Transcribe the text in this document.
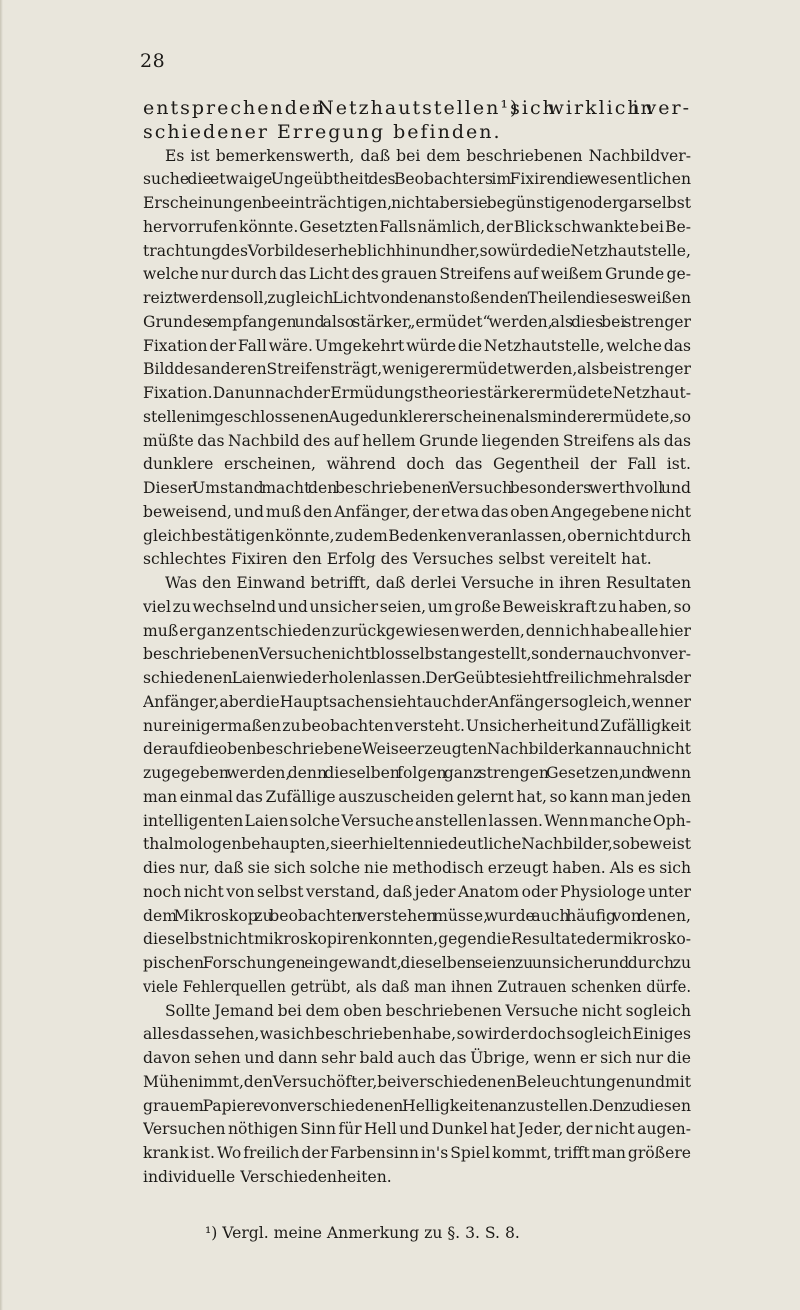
28
entsprechenden Netzhautstellen¹) sich wirklich in ver-
schiedener Erregung befinden.
Es ist bemerkenswerth, daß bei dem beschriebenen Nachbildver-
suche die etwaige Ungeübtheit des Beobachters im Fixiren die wesentlichen
Erscheinungen beeinträchtigen, nicht aber sie begünstigen oder gar selbst
hervorrufen könnte. Gesetzten Falls nämlich, der Blick schwankte bei Be-
trachtung des Vorbildes erheblich hin und her, so würde die Netzhautstelle,
welche nur durch das Licht des grauen Streifens auf weißem Grunde ge-
reizt werden soll, zugleich Licht von den anstoßenden Theilen dieses weißen
Grundes empfangen und also stärker „ermüdet“ werden, als dies bei strenger
Fixation der Fall wäre. Umgekehrt würde die Netzhautstelle, welche das
Bild des anderen Streifens trägt, weniger ermüdet werden, als bei strenger
Fixation. Da nun nach der Ermüdungstheorie stärker ermüdete Netzhaut-
stellen im geschlossenen Auge dunkler erscheinen als minder ermüdete, so
müßte das Nachbild des auf hellem Grunde liegenden Streifens als das
dunklere erscheinen, während doch das Gegentheil der Fall ist.
Dieser Umstand macht den beschriebenen Versuch besonders werthvoll und
beweisend, und muß den Anfänger, der etwa das oben Angegebene nicht
gleich bestätigen könnte, zu dem Bedenken veranlassen, ob er nicht durch
schlechtes Fixiren den Erfolg des Versuches selbst vereitelt hat.
Was den Einwand betrifft, daß derlei Versuche in ihren Resultaten
viel zu wechselnd und unsicher seien, um große Beweiskraft zu haben, so
muß er ganz entschieden zurückgewiesen werden, denn ich habe alle hier
beschriebenen Versuche nicht blos selbst angestellt, sondern auch von ver-
schiedenen Laien wiederholen lassen. Der Geübte sieht freilich mehr als der
Anfänger, aber die Hauptsachen sieht auch der Anfänger sogleich, wenn er
nur einigermaßen zu beobachten versteht. Unsicherheit und Zufälligkeit
der auf die oben beschriebene Weise erzeugten Nachbilder kann auch nicht
zugegeben werden, denn dieselben folgen ganz strengen Gesetzen, und wenn
man einmal das Zufällige auszuscheiden gelernt hat, so kann man jeden
intelligenten Laien solche Versuche anstellen lassen. Wenn manche Oph-
thalmologen behaupten, sie erhielten nie deutliche Nachbilder, so beweist
dies nur, daß sie sich solche nie methodisch erzeugt haben. Als es sich
noch nicht von selbst verstand, daß jeder Anatom oder Physiologe unter
dem Mikroskop zu beobachten verstehen müsse, wurde auch häufig von denen,
die selbst nicht mikroskopiren konnten, gegen die Resultate der mikrosko-
pischen Forschungen eingewandt, dieselben seien zu unsicher und durch zu
viele Fehlerquellen getrübt, als daß man ihnen Zutrauen schenken dürfe.
Sollte Jemand bei dem oben beschriebenen Versuche nicht sogleich
alles das sehen, was ich beschrieben habe, so wird er doch sogleich Einiges
davon sehen und dann sehr bald auch das Übrige, wenn er sich nur die
Mühe nimmt, den Versuch öfter, bei verschiedenen Beleuchtungen und mit
grauem Papiere von verschiedenen Helligkeiten anzustellen. Den zu diesen
Versuchen nöthigen Sinn für Hell und Dunkel hat Jeder, der nicht augen-
krank ist. Wo freilich der Farbensinn in's Spiel kommt, trifft man größere
individuelle Verschiedenheiten.
¹) Vergl. meine Anmerkung zu §. 3. S. 8.
